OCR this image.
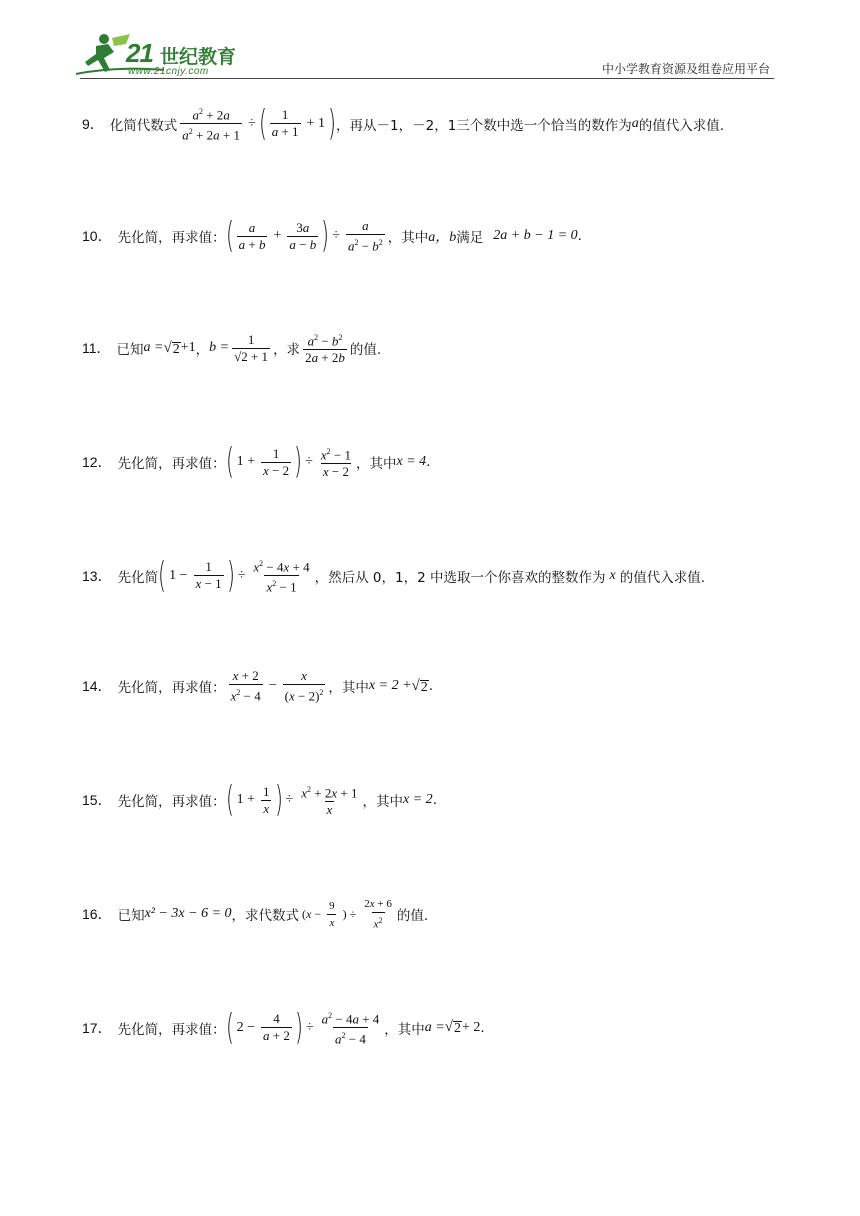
21 世纪教育
www.21cnjy.com	中小学教育资源及组卷应用平台
9． 化简代数式 $\frac{a^2 + 2a}{a^2 + 2a + 1}$ ÷ ( $\frac{1}{a + 1} + 1$ ) ，再从 －1，－2，1 三个数中选一个恰当的数作为 a 的值代入求值.
10． 先化简，再求值： ( $\frac{a}{a + b} + \frac{3a}{a - b}$ ) ÷ $\frac{a}{a^2 - b^2}$ ，其中 a，b 满足 2a + b − 1 = 0 .
11． 已知 a = √ 2 +1 ， $b = \frac{1}{√2 + 1}$ ，求 $\frac{a^2 - b^2}{2a + 2b}$ 的值.
12． 先化简，再求值： ( $1 + \frac{1}{x - 2}$ ) ÷ $\frac{x^2 - 1}{x - 2}$ ，其中 x = 4 .
13． 先化简 ( $1 - \frac{1}{x - 1}$ ) ÷ $\frac{x^2 - 4x + 4}{x^2 - 1}$ ，然后从 0，1，2 中选取一个你喜欢的整数作为 x 的值代入求值.
14． 先化简，再求值： $\frac{x + 2}{x^2 - 4} - \frac{x}{(x - 2)^2}$ ，其中 x = 2 + √ 2 .
15． 先化简，再求值： ( $1 + \frac{1}{x}$ ) ÷ $\frac{x^2 + 2x + 1}{x}$ ，其中 x = 2 .
16． 已知 x² − 3x − 6 = 0 ，求代数式 ($x - \frac{9}{x}$ ) ÷ $\frac{2x + 6}{x^2}$ 的值.
17． 先化简，再求值： ( $2 - \frac{4}{a + 2}$ ) ÷ $\frac{a^2 - 4a + 4}{a^2 - 4}$ ，其中 a = √ 2 + 2 .
